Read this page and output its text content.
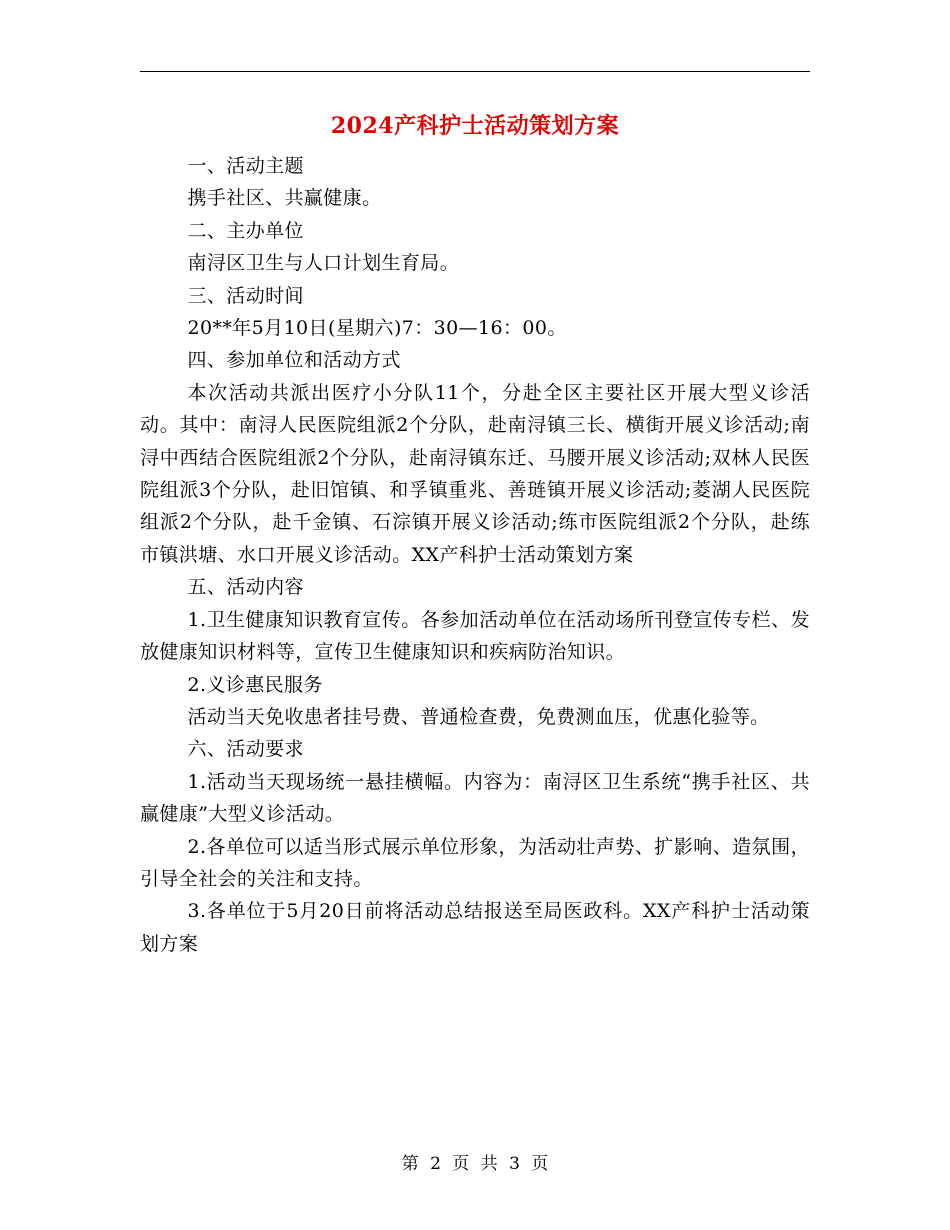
2024产科护士活动策划方案

一、活动主题

携手社区、共赢健康。

二、主办单位

南浔区卫生与人口计划生育局。

三、活动时间

20**年5月10日(星期六)7：30—16：00。

四、参加单位和活动方式

本次活动共派出医疗小分队11个，分赴全区主要社区开展大型义诊活动。其中：南浔人民医院组派2个分队，赴南浔镇三长、横街开展义诊活动;南浔中西结合医院组派2个分队，赴南浔镇东迁、马腰开展义诊活动;双林人民医院组派3个分队，赴旧馆镇、和孚镇重兆、善琏镇开展义诊活动;菱湖人民医院组派2个分队，赴千金镇、石淙镇开展义诊活动;练市医院组派2个分队，赴练市镇洪塘、水口开展义诊活动。XX产科护士活动策划方案

五、活动内容

1.卫生健康知识教育宣传。各参加活动单位在活动场所刊登宣传专栏、发放健康知识材料等，宣传卫生健康知识和疾病防治知识。

2.义诊惠民服务

活动当天免收患者挂号费、普通检查费，免费测血压，优惠化验等。

六、活动要求

1.活动当天现场统一悬挂横幅。内容为：南浔区卫生系统“携手社区、共赢健康”大型义诊活动。

2.各单位可以适当形式展示单位形象，为活动壮声势、扩影响、造氛围，引导全社会的关注和支持。

3.各单位于5月20日前将活动总结报送至局医政科。XX产科护士活动策划方案

第 2 页 共 3 页
